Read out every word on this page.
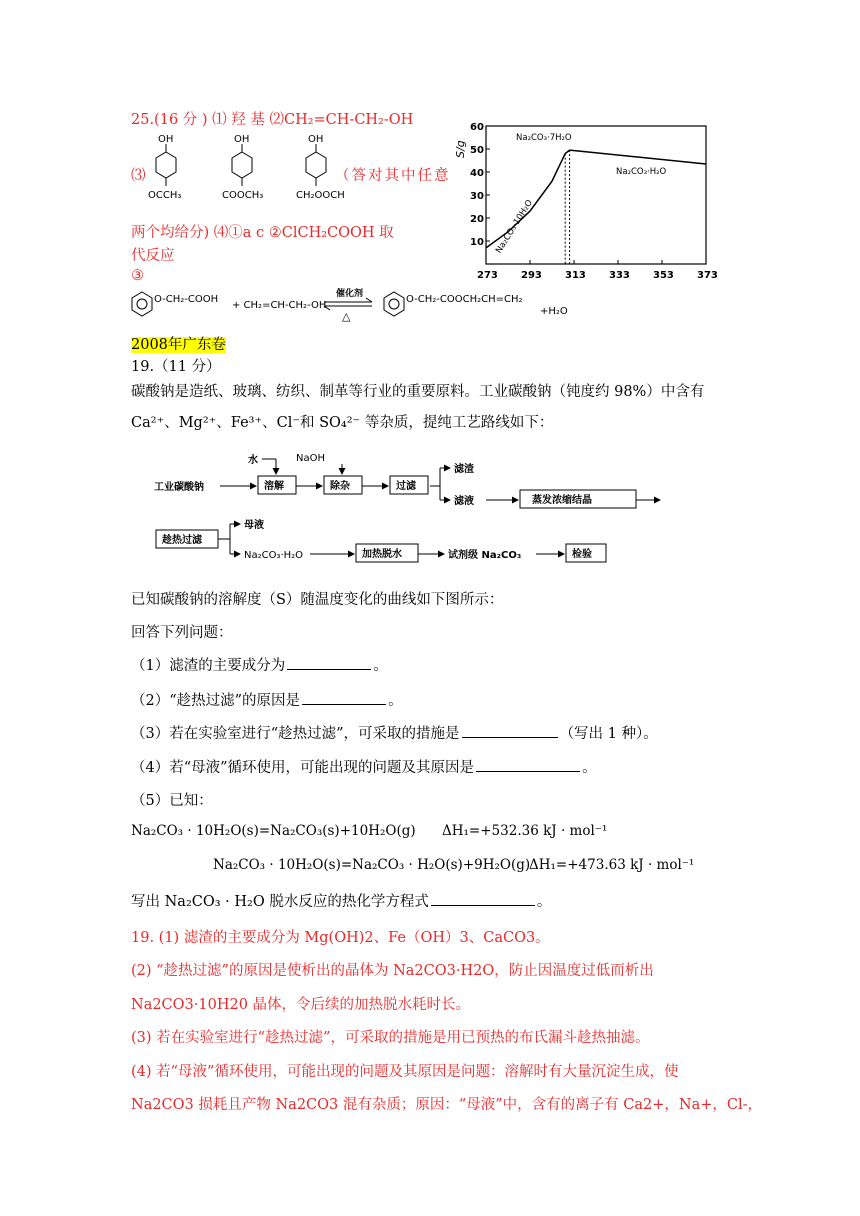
25.(16 分 ) ⑴ 羟 基 ⑵CH₂=CH-CH₂-OH
⑶
OH
OCCH₃
OH
COOCH₃
OH
CH₂OOCH
（答对其中任意
两个均给分) ⑷①a c ②ClCH₂COOH 取
代反应
③
O-CH₂-COOH
+ CH₂=CH-CH₂-OH
催化剂
△
O-CH₂-COOCH₂CH=CH₂
+H₂O
S/g
10
20
30
40
50
60
273 293 313 333 353 373
Na₂CO₃·7H₂O
Na₂CO₃·H₂O
Na₂CO₃·10H₂O
2008年广东卷
19.（11 分）
碳酸钠是造纸、玻璃、纺织、制革等行业的重要原料。工业碳酸钠（钝度约 98%）中含有
Ca²⁺、Mg²⁺、Fe³⁺、Cl⁻和 SO₄²⁻ 等杂质，提纯工艺路线如下：
水	NaOH
工业碳酸钠	溶解	除杂	过滤
滤渣
滤液	蒸发浓缩结晶
趁热过滤
母液
Na₂CO₃·H₂O	加热脱水	试剂级 Na₂CO₃	检验
已知碳酸钠的溶解度（S）随温度变化的曲线如下图所示：
回答下列问题：
（1）滤渣的主要成分为	。
（2）“趁热过滤”的原因是	。
（3）若在实验室进行“趁热过滤”，可采取的措施是	（写出 1 种）。
（4）若“母液”循环使用，可能出现的问题及其原因是	。
（5）已知：
Na₂CO₃ · 10H₂O(s)=Na₂CO₃(s)+10H₂O(g) ΔH₁=+532.36 kJ · mol⁻¹
Na₂CO₃ · 10H₂O(s)=Na₂CO₃ · H₂O(s)+9H₂O(g)
ΔH₁=+473.63 kJ · mol⁻¹
写出 Na₂CO₃ · H₂O 脱水反应的热化学方程式	。
19. (1) 滤渣的主要成分为 Mg(OH)2、Fe（OH）3、CaCO3。
(2) “趁热过滤”的原因是使析出的晶体为 Na2CO3·H2O，防止因温度过低而析出
Na2CO3·10H20 晶体，令后续的加热脱水耗时长。
(3) 若在实验室进行“趁热过滤”，可采取的措施是用已预热的布氏漏斗趁热抽滤。
(4) 若“母液”循环使用，可能出现的问题及其原因是问题：溶解时有大量沉淀生成，使
Na2CO3 损耗且产物 Na2CO3 混有杂质；原因：“母液”中，含有的离子有 Ca2+，Na+，Cl-，
